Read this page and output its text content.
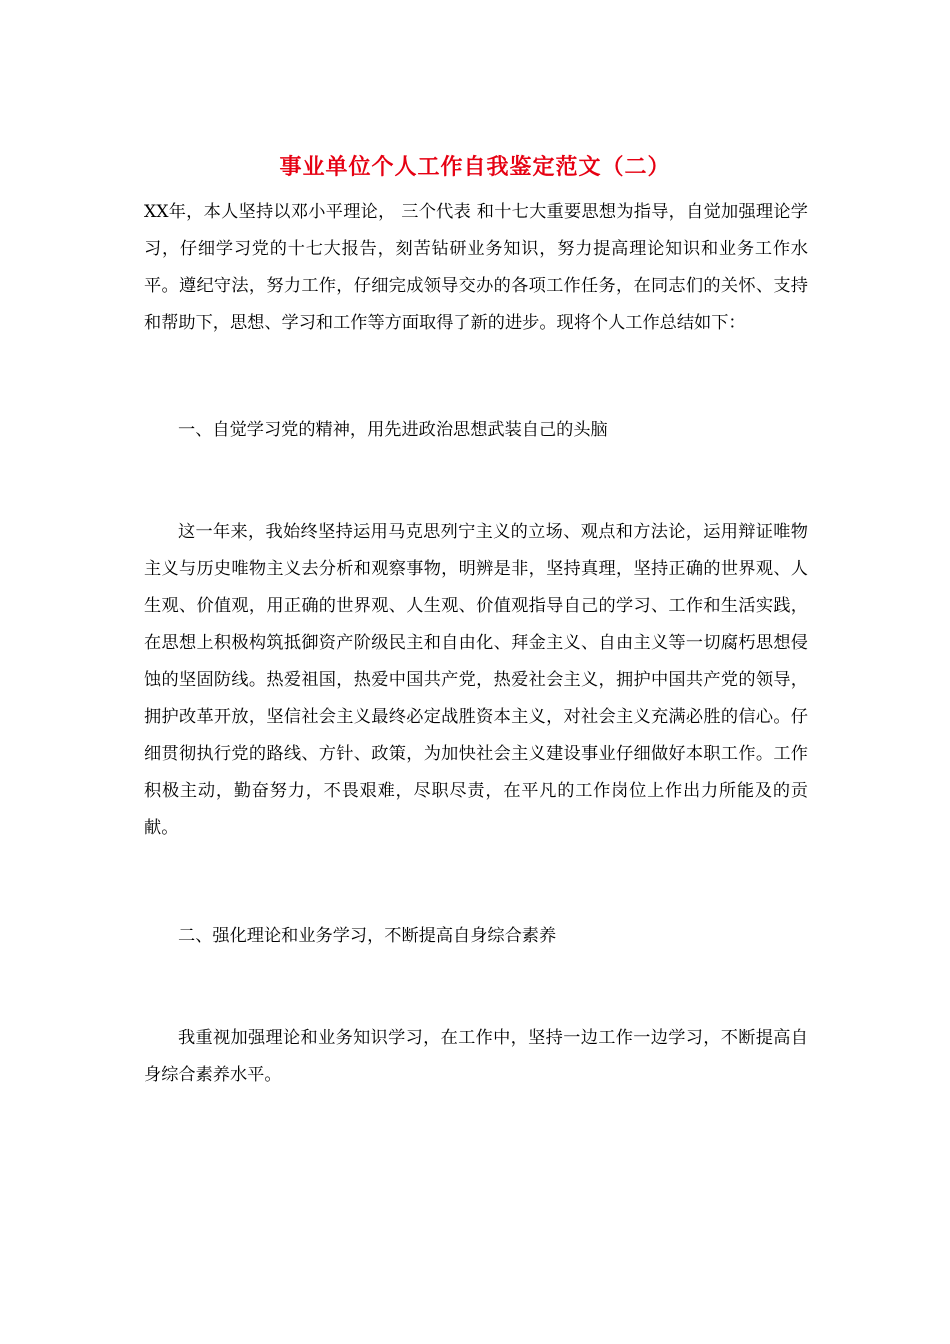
事业单位个人工作自我鉴定范文（二）

XX年，本人坚持以邓小平理论， 三个代表 和十七大重要思想为指导，自觉加强理论学习，仔细学习党的十七大报告，刻苦钻研业务知识，努力提高理论知识和业务工作水平。遵纪守法，努力工作，仔细完成领导交办的各项工作任务，在同志们的关怀、支持和帮助下，思想、学习和工作等方面取得了新的进步。现将个人工作总结如下：

一、自觉学习党的精神，用先进政治思想武装自己的头脑

这一年来，我始终坚持运用马克思列宁主义的立场、观点和方法论，运用辩证唯物主义与历史唯物主义去分析和观察事物，明辨是非，坚持真理，坚持正确的世界观、人生观、价值观，用正确的世界观、人生观、价值观指导自己的学习、工作和生活实践，在思想上积极构筑抵御资产阶级民主和自由化、拜金主义、自由主义等一切腐朽思想侵蚀的坚固防线。热爱祖国，热爱中国共产党，热爱社会主义，拥护中国共产党的领导，拥护改革开放，坚信社会主义最终必定战胜资本主义，对社会主义充满必胜的信心。仔细贯彻执行党的路线、方针、政策，为加快社会主义建设事业仔细做好本职工作。工作积极主动，勤奋努力，不畏艰难，尽职尽责，在平凡的工作岗位上作出力所能及的贡献。

二、强化理论和业务学习，不断提高自身综合素养

我重视加强理论和业务知识学习，在工作中，坚持一边工作一边学习，不断提高自身综合素养水平。
